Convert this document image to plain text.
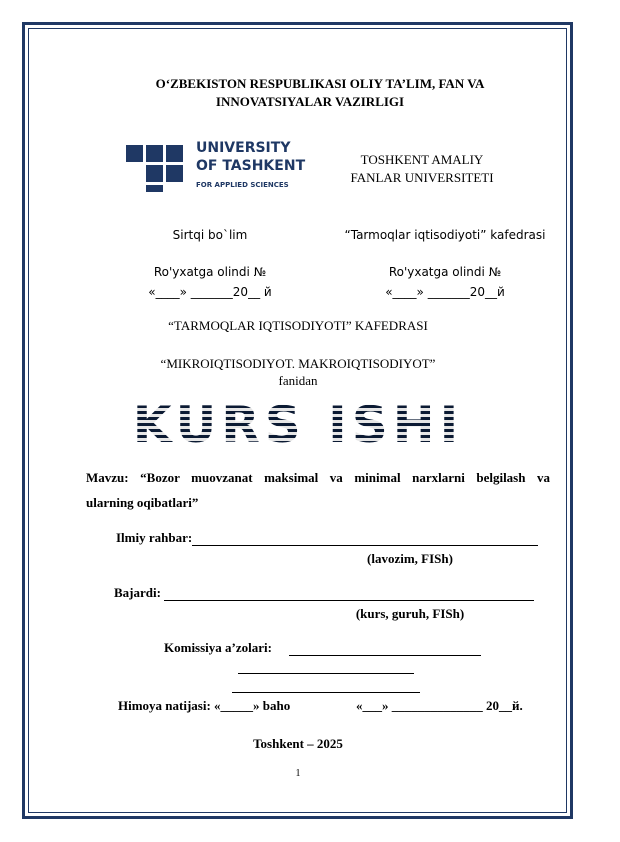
O‘ZBEKISTON RESPUBLIKASI OLIY TA’LIM, FAN VA
INNOVATSIYALAR VAZIRLIGI
UNIVERSITY
OF TASHKENT
FOR APPLIED SCIENCES
TOSHKENT AMALIY
FANLAR UNIVERSITETI
Sirtqi bo`lim
Ro'yxatga olindi №
«____» _______20__ й
“Tarmoqlar iqtisodiyoti” kafedrasi
Ro'yxatga olindi №
«____» _______20__й
“TARMOQLAR IQTISODIYOTI” KAFEDRASI
“MIKROIQTISODIYOT. MAKROIQTISODIYOT”
fanidan
KURS ISHI
Mavzu: “Bozor muovzanat maksimal va minimal narxlarni belgilash va
ularning oqibatlari”
Ilmiy rahbar:
(lavozim, FISh)
Bajardi:
(kurs, guruh, FISh)
Komissiya a’zolari:
Himoya natijasi: «_____» baho	«___» ______________ 20__й.
Toshkent – 2025
1
